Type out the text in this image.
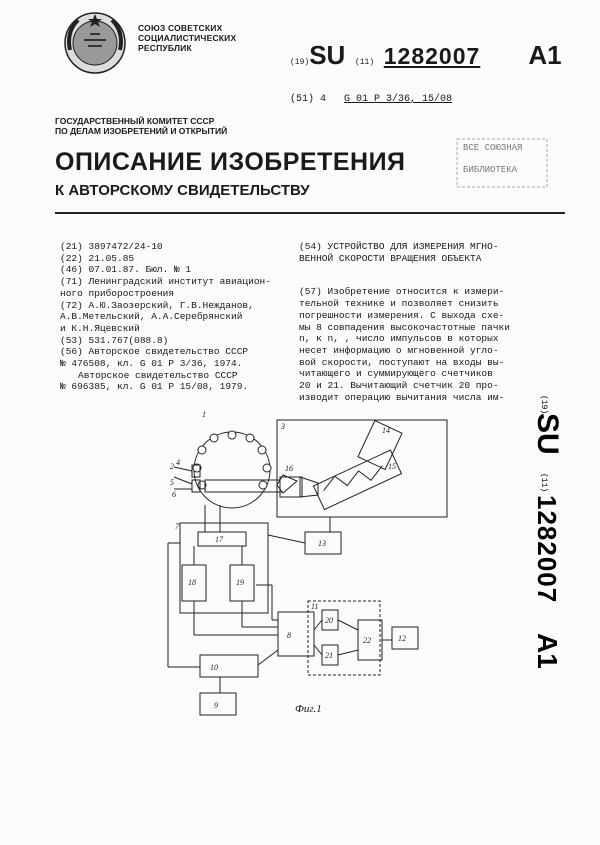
СОЮЗ СОВЕТСКИХ
СОЦИАЛИСТИЧЕСКИХ
РЕСПУБЛИК
(19)SU (11) 1282007 A1
(51) 4 G 01 P 3/36, 15/08
ГОСУДАРСТВЕННЫЙ КОМИТЕТ СССР
ПО ДЕЛАМ ИЗОБРЕТЕНИЙ И ОТКРЫТИЙ
ВСЕ СОЮЗНАЯ
БИБЛИОТЕКА
ОПИСАНИЕ ИЗОБРЕТЕНИЯ
К АВТОРСКОМУ СВИДЕТЕЛЬСТВУ

(21) 3897472/24-10

(22) 21.05.85

(46) 07.01.87. Бюл. № 1

(71) Ленинградский институт авиацион-

ного приборостроения

(72) А.Ю.Заозерский, Г.В.Нежданов,

А.В.Метельский, А.А.Серебрянский

и К.Н.Яцевский

(53) 531.767(088.8)

(56) Авторское свидетельство СССР

№ 476508, кл. G 01 P 3/36, 1974.

Авторское свидетельство СССР

№ 696385, кл. G 01 P 15/08, 1979.

(54) УСТРОЙСТВО ДЛЯ ИЗМЕРЕНИЯ МГНО-

ВЕННОЙ СКОРОСТИ ВРАЩЕНИЯ ОБЪЕКТА

(57) Изобретение относится к измери-

тельной технике и позволяет снизить

погрешности измерения. С выхода схе-

мы 8 совпадения высокочастотные пачки

n, к n, , число импульсов в которых

несет информацию о мгновенной угло-

вой скорости, поступают на входы вы-

читающего и суммирующего счетчиков

20 и 21. Вычитающий счетчик 20 про-

изводит операцию вычитания числа им-	(19)
SU
(11)
1282007
A1
1
2
3
4
5
6
7
8
9
10
11
12
13
14
15
16
17
18	19
20
21
22
Фиг.1
